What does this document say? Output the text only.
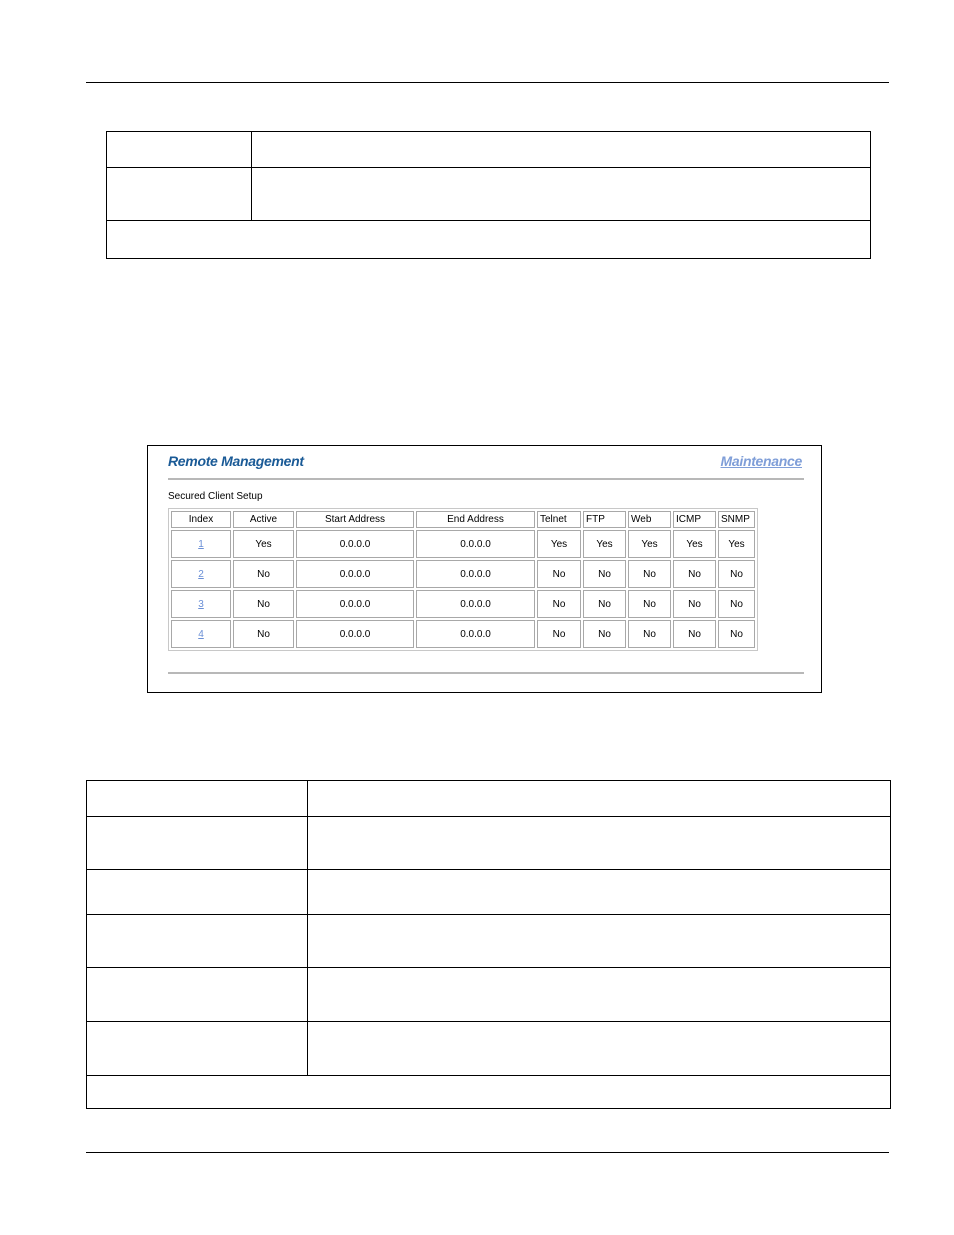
Remote Management	Maintenance
Secured Client Setup
Index	Active	Start Address	End Address	Telnet	FTP	Web	ICMP	SNMP
1	Yes	0.0.0.0	0.0.0.0	Yes	Yes	Yes	Yes	Yes
2	No	0.0.0.0	0.0.0.0	No	No	No	No	No
3	No	0.0.0.0	0.0.0.0	No	No	No	No	No
4	No	0.0.0.0	0.0.0.0	No	No	No	No	No
